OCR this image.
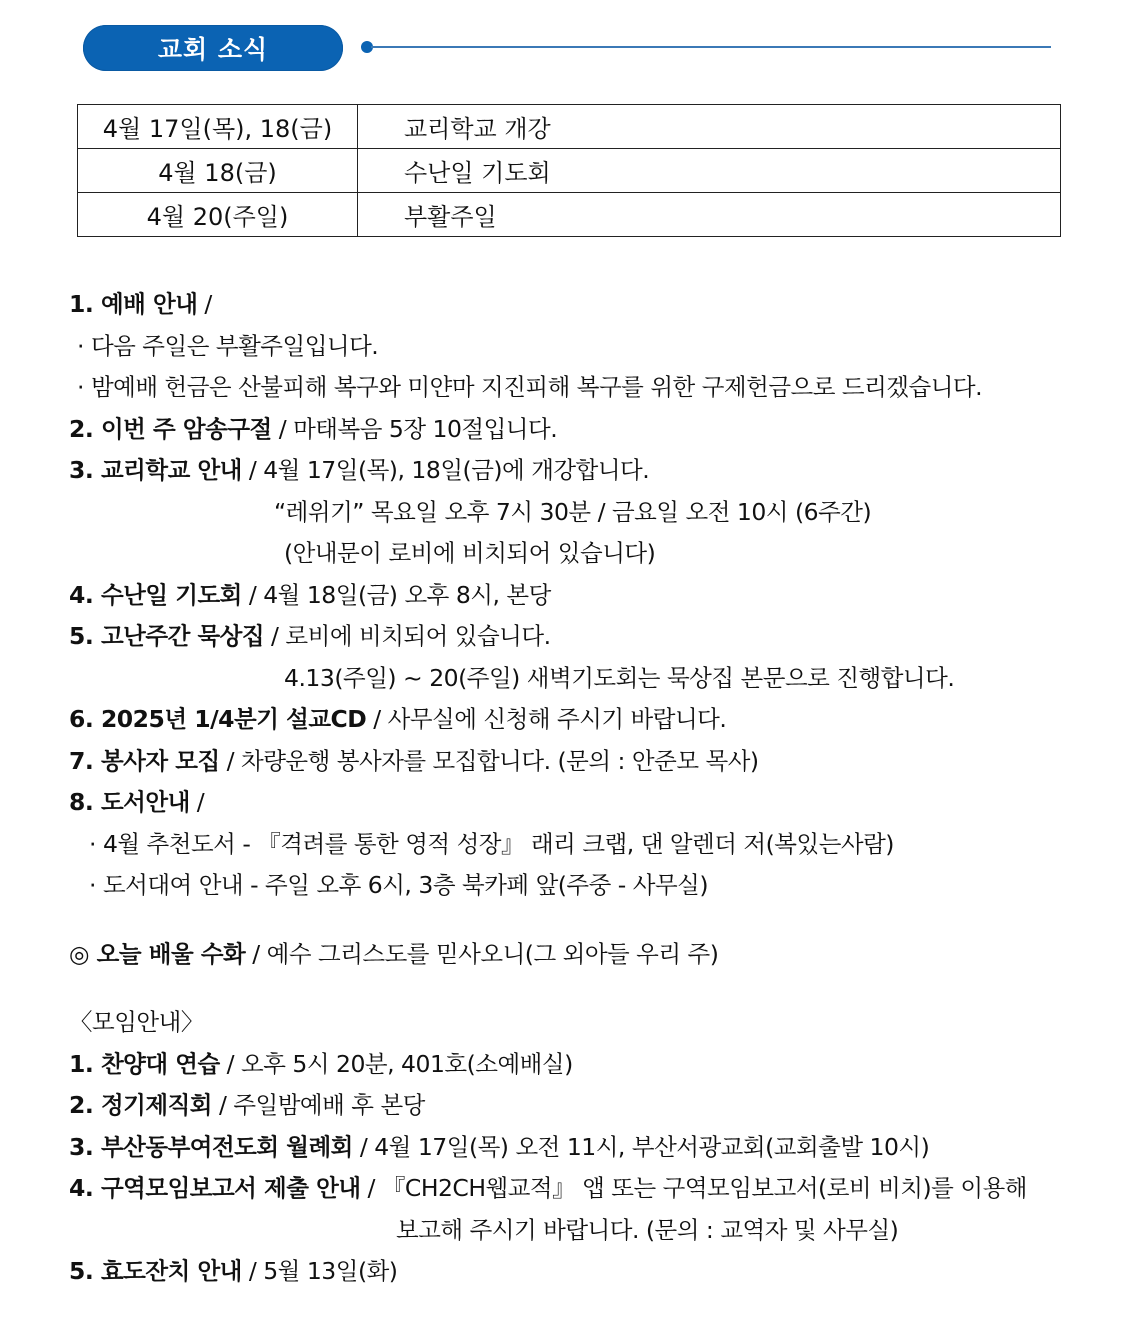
교회 소식
4월 17일(목), 18(금)	교리학교 개강
4월 18(금)	수난일 기도회
4월 20(주일)	부활주일
1. 예배 안내 /
· 다음 주일은 부활주일입니다.
· 밤예배 헌금은 산불피해 복구와 미얀마 지진피해 복구를 위한 구제헌금으로 드리겠습니다.
2. 이번 주 암송구절 / 마태복음 5장 10절입니다.
3. 교리학교 안내 / 4월 17일(목), 18일(금)에 개강합니다.
“레위기” 목요일 오후 7시 30분 / 금요일 오전 10시 (6주간)
(안내문이 로비에 비치되어 있습니다)
4. 수난일 기도회 / 4월 18일(금) 오후 8시, 본당
5. 고난주간 묵상집 / 로비에 비치되어 있습니다.
4.13(주일) ~ 20(주일) 새벽기도회는 묵상집 본문으로 진행합니다.
6. 2025년 1/4분기 설교CD / 사무실에 신청해 주시기 바랍니다.
7. 봉사자 모집 / 차량운행 봉사자를 모집합니다. (문의 : 안준모 목사)
8. 도서안내 /
· 4월 추천도서 - 『격려를 통한 영적 성장』 래리 크랩, 댄 알렌더 저(복있는사람)
· 도서대여 안내 - 주일 오후 6시, 3층 북카페 앞(주중 - 사무실)
◎ 오늘 배울 수화 / 예수 그리스도를 믿사오니(그 외아들 우리 주)
〈모임안내〉
1. 찬양대 연습 / 오후 5시 20분, 401호(소예배실)
2. 정기제직회 / 주일밤예배 후 본당
3. 부산동부여전도회 월례회 / 4월 17일(목) 오전 11시, 부산서광교회(교회출발 10시)
4. 구역모임보고서 제출 안내 / 『CH2CH웹교적』 앱 또는 구역모임보고서(로비 비치)를 이용해
보고해 주시기 바랍니다. (문의 : 교역자 및 사무실)
5. 효도잔치 안내 / 5월 13일(화)
